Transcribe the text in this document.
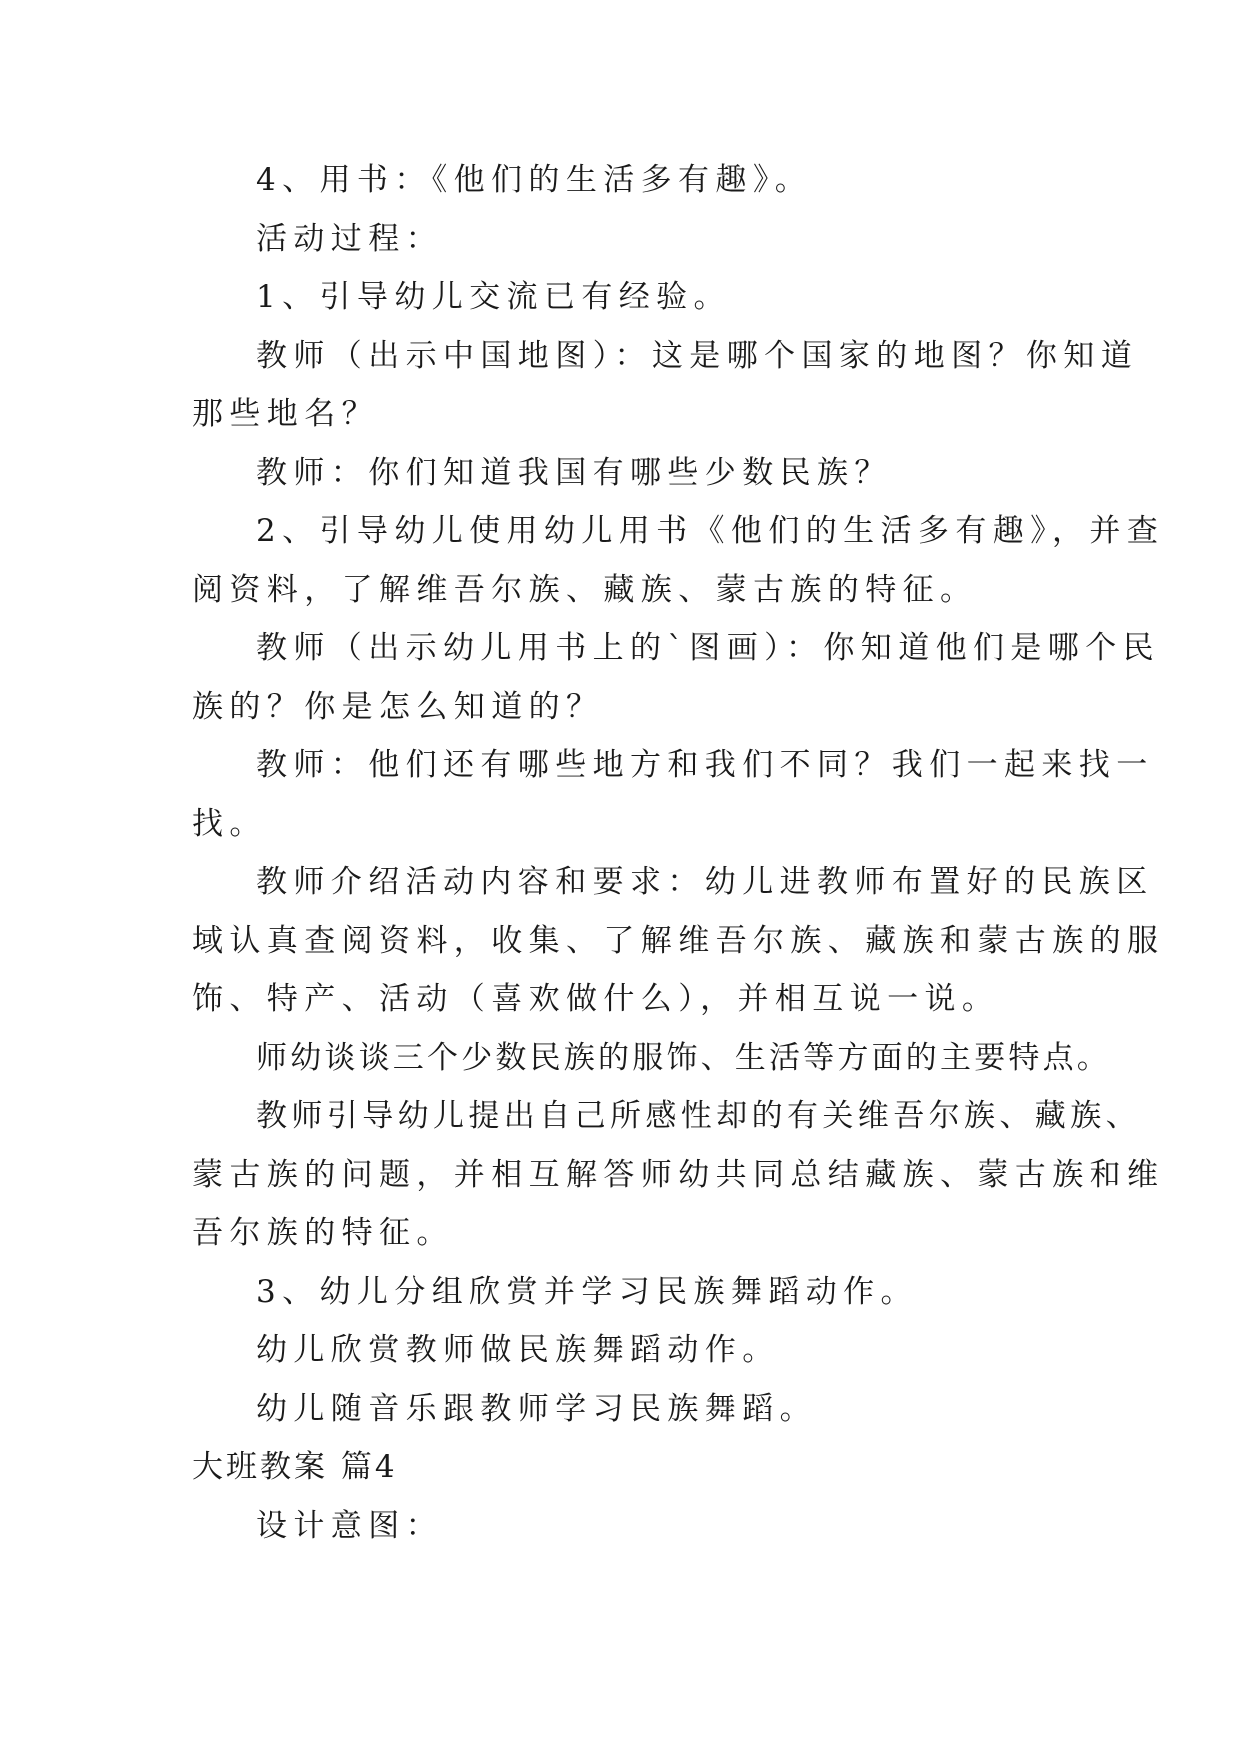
4、用书：《他们的生活多有趣》。
活动过程：
1、引导幼儿交流已有经验。
教师（出示中国地图）：这是哪个国家的地图？你知道
那些地名？
教师：你们知道我国有哪些少数民族？
2、引导幼儿使用幼儿用书《他们的生活多有趣》，并查
阅资料，了解维吾尔族、藏族、蒙古族的特征。
教师（出示幼儿用书上的`图画）：你知道他们是哪个民
族的？你是怎么知道的？
教师：他们还有哪些地方和我们不同？我们一起来找一
找。
教师介绍活动内容和要求：幼儿进教师布置好的民族区
域认真查阅资料，收集、了解维吾尔族、藏族和蒙古族的服
饰、特产、活动（喜欢做什么），并相互说一说。
师幼谈谈三个少数民族的服饰、生活等方面的主要特点。
教师引导幼儿提出自己所感性却的有关维吾尔族、藏族、
蒙古族的问题，并相互解答师幼共同总结藏族、蒙古族和维
吾尔族的特征。
3、幼儿分组欣赏并学习民族舞蹈动作。
幼儿欣赏教师做民族舞蹈动作。
幼儿随音乐跟教师学习民族舞蹈。
大班教案 篇4
设计意图：
